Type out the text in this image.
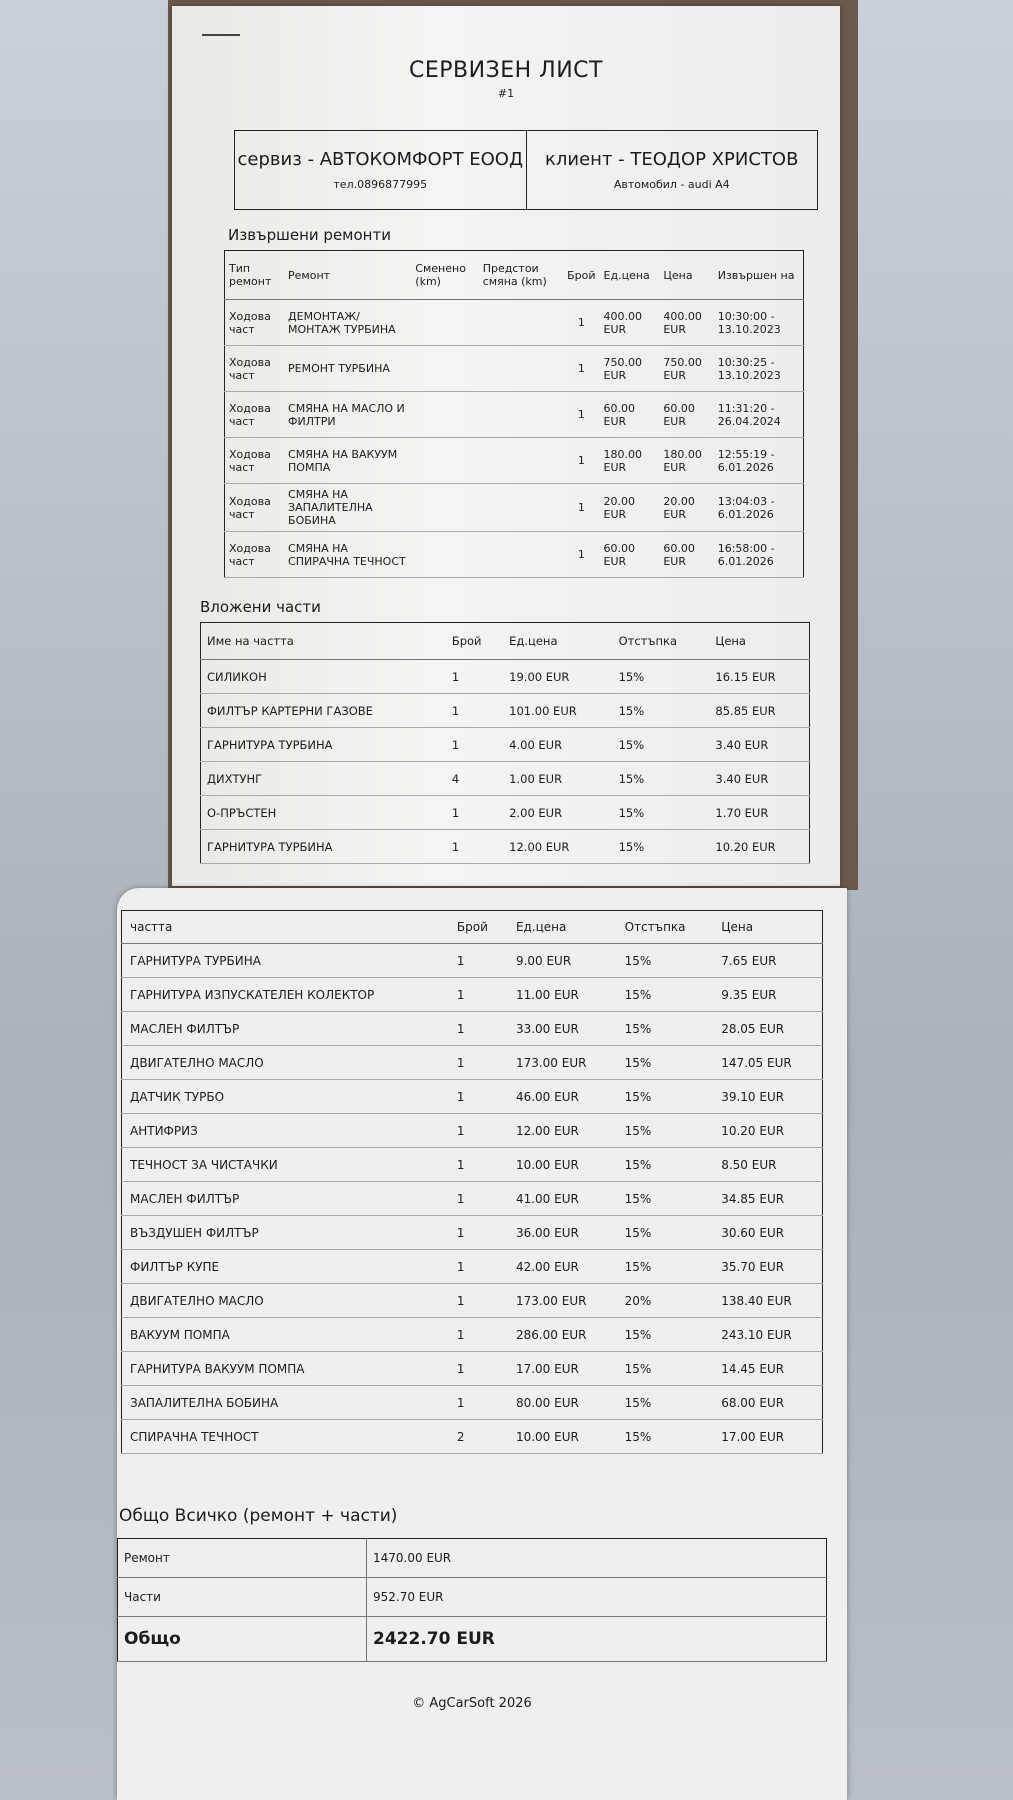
СЕРВИЗЕН ЛИСТ
#1
сервиз - АВТОКОМФОРТ ЕООД
тел.0896877995
клиент - ТЕОДОР ХРИСТОВ
Автомобил - audi A4
Извършени ремонти
Тип ремонт	Ремонт	Сменено (km)	Предстои смяна (km)	Брой	Ед.цена	Цена	Извършен на
Ходова част	ДЕМОНТАЖ/МОНТАЖ ТУРБИНА			1	400.00 EUR	400.00 EUR	10:30:00 - 13.10.2023
Ходова част	РЕМОНТ ТУРБИНА			1	750.00 EUR	750.00 EUR	10:30:25 - 13.10.2023
Ходова част	СМЯНА НА МАСЛО И ФИЛТРИ			1	60.00 EUR	60.00 EUR	11:31:20 - 26.04.2024
Ходова част	СМЯНА НА ВАКУУМ ПОМПА			1	180.00 EUR	180.00 EUR	12:55:19 - 6.01.2026
Ходова част	СМЯНА НА ЗАПАЛИТЕЛНА БОБИНА			1	20.00 EUR	20.00 EUR	13:04:03 - 6.01.2026
Ходова част	СМЯНА НА СПИРАЧНА ТЕЧНОСТ			1	60.00 EUR	60.00 EUR	16:58:00 - 6.01.2026
Вложени части
Име на частта	Брой	Ед.цена	Отстъпка	Цена
СИЛИКОН	1	19.00 EUR	15%	16.15 EUR
ФИЛТЪР КАРТЕРНИ ГАЗОВЕ	1	101.00 EUR	15%	85.85 EUR
ГАРНИТУРА ТУРБИНА	1	4.00 EUR	15%	3.40 EUR
ДИХТУНГ	4	1.00 EUR	15%	3.40 EUR
О-ПРЪСТЕН	1	2.00 EUR	15%	1.70 EUR
ГАРНИТУРА ТУРБИНА	1	12.00 EUR	15%	10.20 EUR
частта	Брой	Ед.цена	Отстъпка	Цена
ГАРНИТУРА ТУРБИНА	1	9.00 EUR	15%	7.65 EUR
ГАРНИТУРА ИЗПУСКАТЕЛЕН КОЛЕКТОР	1	11.00 EUR	15%	9.35 EUR
МАСЛЕН ФИЛТЪР	1	33.00 EUR	15%	28.05 EUR
ДВИГАТЕЛНО МАСЛО	1	173.00 EUR	15%	147.05 EUR
ДАТЧИК ТУРБО	1	46.00 EUR	15%	39.10 EUR
АНТИФРИЗ	1	12.00 EUR	15%	10.20 EUR
ТЕЧНОСТ ЗА ЧИСТАЧКИ	1	10.00 EUR	15%	8.50 EUR
МАСЛЕН ФИЛТЪР	1	41.00 EUR	15%	34.85 EUR
ВЪЗДУШЕН ФИЛТЪР	1	36.00 EUR	15%	30.60 EUR
ФИЛТЪР КУПЕ	1	42.00 EUR	15%	35.70 EUR
ДВИГАТЕЛНО МАСЛО	1	173.00 EUR	20%	138.40 EUR
ВАКУУМ ПОМПА	1	286.00 EUR	15%	243.10 EUR
ГАРНИТУРА ВАКУУМ ПОМПА	1	17.00 EUR	15%	14.45 EUR
ЗАПАЛИТЕЛНА БОБИНА	1	80.00 EUR	15%	68.00 EUR
СПИРАЧНА ТЕЧНОСТ	2	10.00 EUR	15%	17.00 EUR
Общо Всичко (ремонт + части)
Ремонт	1470.00 EUR
Части	952.70 EUR
Общо	2422.70 EUR
© AgCarSoft 2026
